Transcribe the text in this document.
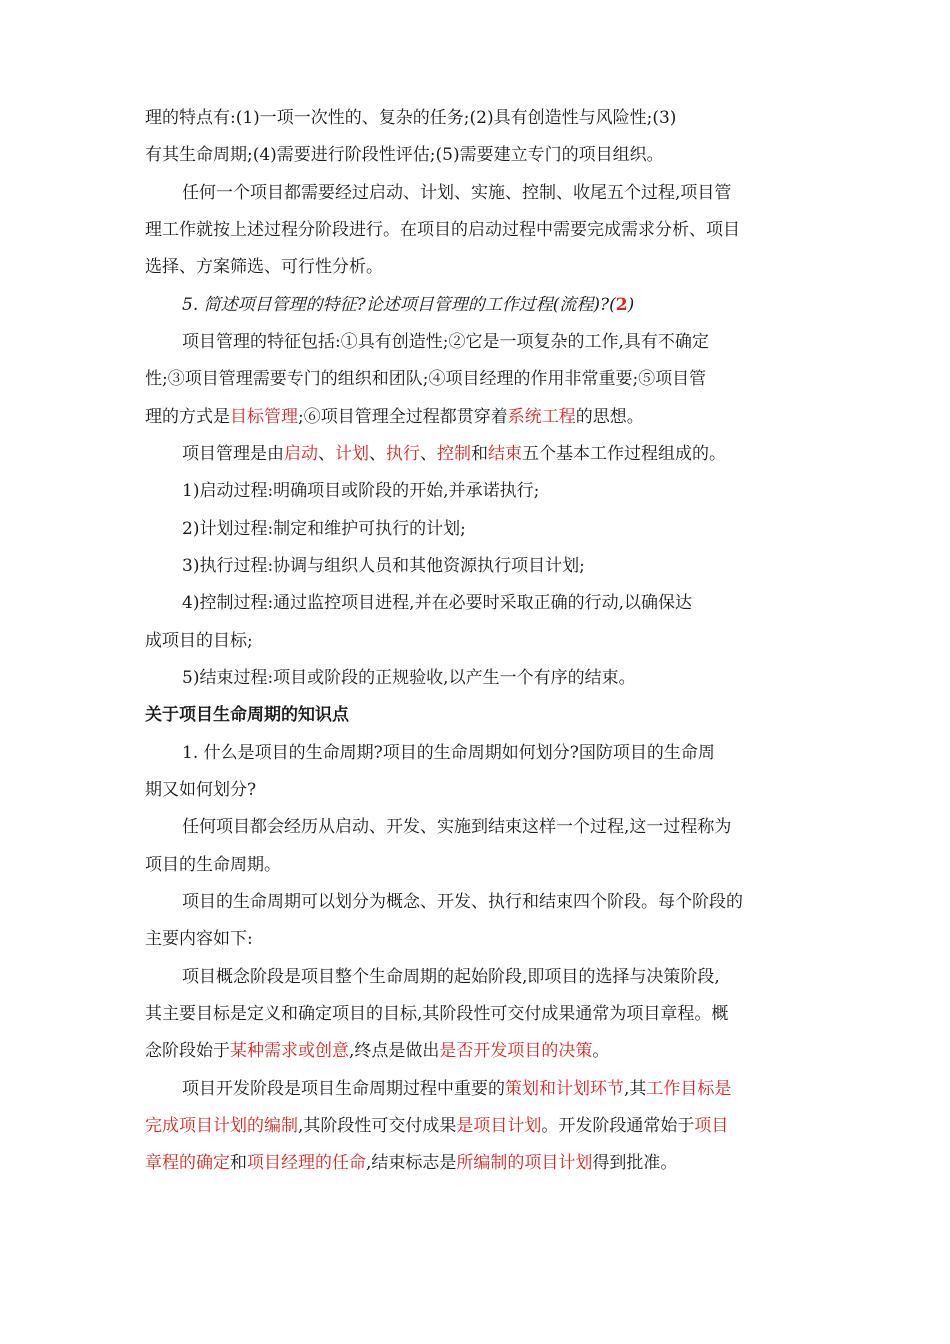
理的特点有:(1)一项一次性的、复杂的任务;(2)具有创造性与风险性;(3)
有其生命周期;(4)需要进行阶段性评估;(5)需要建立专门的项目组织。
任何一个项目都需要经过启动、计划、实施、控制、收尾五个过程,项目管
理工作就按上述过程分阶段进行。在项目的启动过程中需要完成需求分析、项目
选择、方案筛选、可行性分析。
5. 简述项目管理的特征?论述项目管理的工作过程(流程)?(2)
项目管理的特征包括:①具有创造性;②它是一项复杂的工作,具有不确定
性;③项目管理需要专门的组织和团队;④项目经理的作用非常重要;⑤项目管
理的方式是目标管理;⑥项目管理全过程都贯穿着系统工程的思想。
项目管理是由启动、计划、执行、控制和结束五个基本工作过程组成的。
1)启动过程:明确项目或阶段的开始,并承诺执行;
2)计划过程:制定和维护可执行的计划;
3)执行过程:协调与组织人员和其他资源执行项目计划;
4)控制过程:通过监控项目进程,并在必要时采取正确的行动,以确保达
成项目的目标;
5)结束过程:项目或阶段的正规验收,以产生一个有序的结束。
关于项目生命周期的知识点
1. 什么是项目的生命周期?项目的生命周期如何划分?国防项目的生命周
期又如何划分?
任何项目都会经历从启动、开发、实施到结束这样一个过程,这一过程称为
项目的生命周期。
项目的生命周期可以划分为概念、开发、执行和结束四个阶段。每个阶段的
主要内容如下:
项目概念阶段是项目整个生命周期的起始阶段,即项目的选择与决策阶段,
其主要目标是定义和确定项目的目标,其阶段性可交付成果通常为项目章程。概
念阶段始于某种需求或创意,终点是做出是否开发项目的决策。
项目开发阶段是项目生命周期过程中重要的策划和计划环节,其工作目标是
完成项目计划的编制,其阶段性可交付成果是项目计划。开发阶段通常始于项目
章程的确定和项目经理的任命,结束标志是所编制的项目计划得到批准。
